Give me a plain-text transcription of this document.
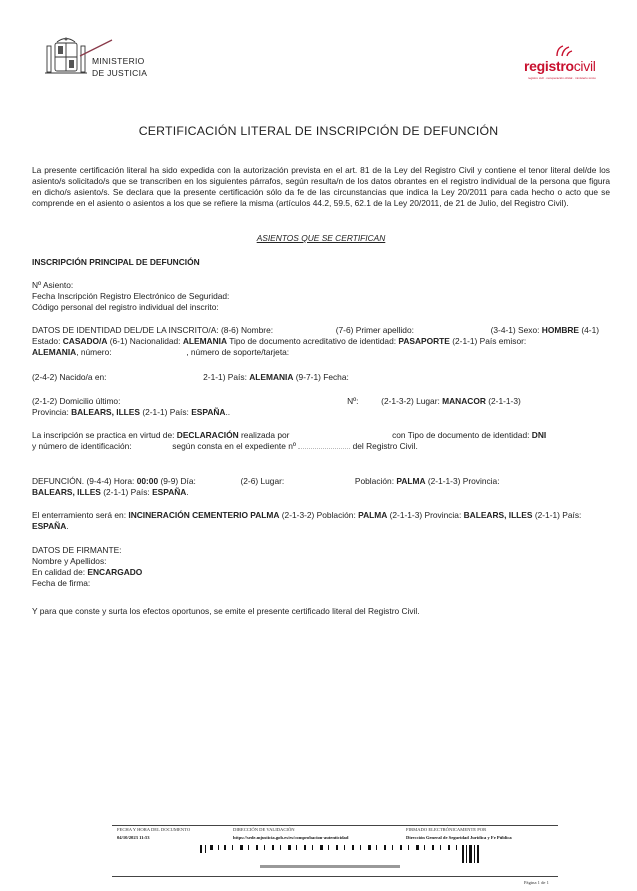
MINISTERIO
DE JUSTICIA	registrocivil
registro civil · recuperación oficial · ministerio único
CERTIFICACIÓN LITERAL DE INSCRIPCIÓN DE DEFUNCIÓN
La presente certificación literal ha sido expedida con la autorización prevista en el art. 81 de la Ley del Registro Civil y contiene el tenor literal del/de los asiento/s solicitado/s que se transcriben en los siguientes párrafos, según resulta/n de los datos obrantes en el registro individual de la persona que figura en dicho/s asiento/s. Se declara que la presente certificación sólo da fe de las circunstancias que indica la Ley 20/2011 para cada hecho o acto que se comprende en el asiento o asientos a los que se refiere la misma (artículos 44.2, 59.5, 62.1 de la Ley 20/2011, de 21 de Julio, del Registro Civil).
ASIENTOS QUE SE CERTIFICAN
INSCRIPCIÓN PRINCIPAL DE DEFUNCIÓN
Nº Asiento:
Fecha Inscripción Registro Electrónico de Seguridad:
Código personal del registro individual del inscrito:
DATOS DE IDENTIDAD DEL/DE LA INSCRITO/A: (8-6) Nombre:	(7-6) Primer apellido:	(3-4-1) Sexo: HOMBRE (4-1)
Estado: CASADO/A (6-1) Nacionalidad: ALEMANIA Tipo de documento acreditativo de identidad: PASAPORTE (2-1-1) País emisor:
ALEMANIA, número:	, número de soporte/tarjeta:
(2-4-2) Nacido/a en:	2-1-1) País: ALEMANIA (9-7-1) Fecha:
(2-1-2) Domicilio último:	Nº:	(2-1-3-2) Lugar: MANACOR (2-1-1-3)
Provincia: BALEARS, ILLES (2-1-1) País: ESPAÑA..
La inscripción se practica en virtud de: DECLARACIÓN realizada por	con Tipo de documento de identidad: DNI
y número de identificación:	según consta en el expediente nº	del Registro Civil.
DEFUNCIÓN. (9-4-4) Hora: 00:00 (9-9) Día:	(2-6) Lugar:	Población: PALMA (2-1-1-3) Provincia:
BALEARS, ILLES (2-1-1) País: ESPAÑA.
El enterramiento será en: INCINERACIÓN CEMENTERIO PALMA (2-1-3-2) Población: PALMA (2-1-1-3) Provincia: BALEARS, ILLES (2-1-1) País: ESPAÑA.
DATOS DE FIRMANTE:
Nombre y Apellidos:
En calidad de: ENCARGADO
Fecha de firma:
Y para que conste y surta los efectos oportunos, se emite el presente certificado literal del Registro Civil.
FECHA Y HORA DEL DOCUMENTO
04/10/2023 11:53
DIRECCIÓN DE VALIDACIÓN
https://sede.mjusticia.gob.es/es/comprobacion-autenticidad
FIRMADO ELECTRÓNICAMENTE POR
Dirección General de Seguridad Jurídica y Fe Pública
Página 1 de 1
